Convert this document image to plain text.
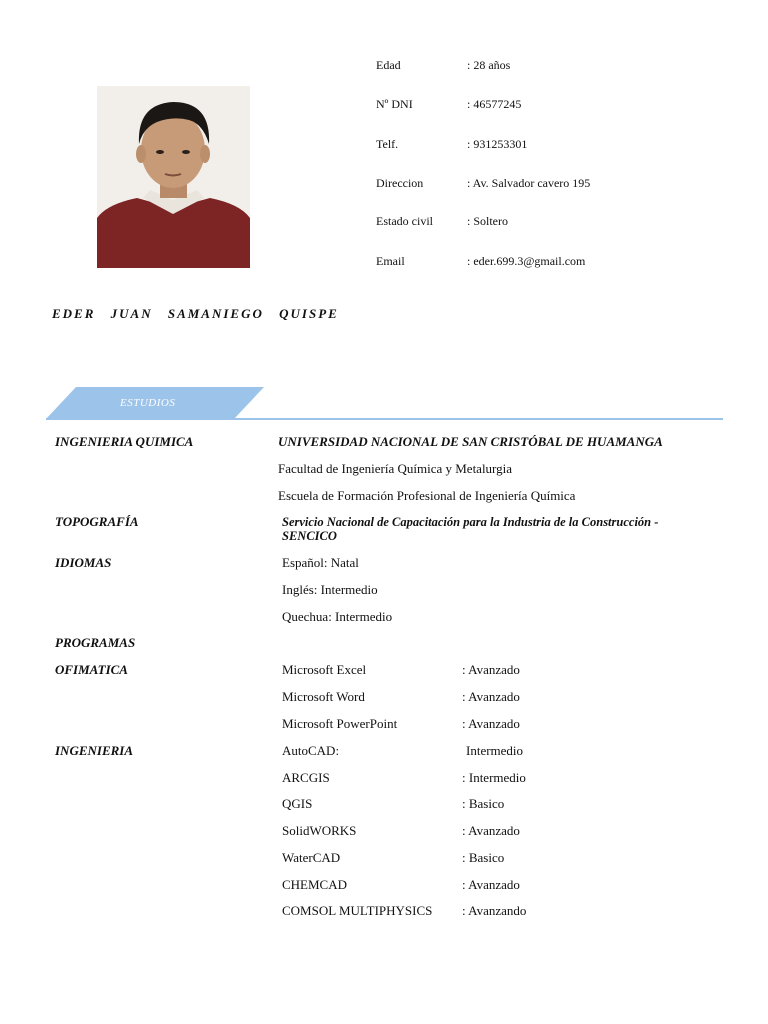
Edad	: 28 años
Nº DNI	: 46577245
Telf.	: 931253301
Direccion	: Av. Salvador cavero 195
Estado civil	: Soltero
Email	: eder.699.3@gmail.com
EDER JUAN SAMANIEGO QUISPE
ESTUDIOS
INGENIERIA QUIMICA	UNIVERSIDAD NACIONAL DE SAN CRISTÓBAL DE HUAMANGA
Facultad de Ingeniería Química y Metalurgia
Escuela de Formación Profesional de Ingeniería Química
TOPOGRAFÍA	Servicio Nacional de Capacitación para la Industria de la Construcción -
SENCICO
IDIOMAS	Español: Natal
Inglés: Intermedio
Quechua: Intermedio
PROGRAMAS
OFIMATICA	Microsoft Excel	: Avanzado
Microsoft Word	: Avanzado
Microsoft PowerPoint	: Avanzado
INGENIERIA	AutoCAD:	Intermedio
ARCGIS	: Intermedio
QGIS	: Basico
SolidWORKS	: Avanzado
WaterCAD	: Basico
CHEMCAD	: Avanzado
COMSOL MULTIPHYSICS : Avanzando
